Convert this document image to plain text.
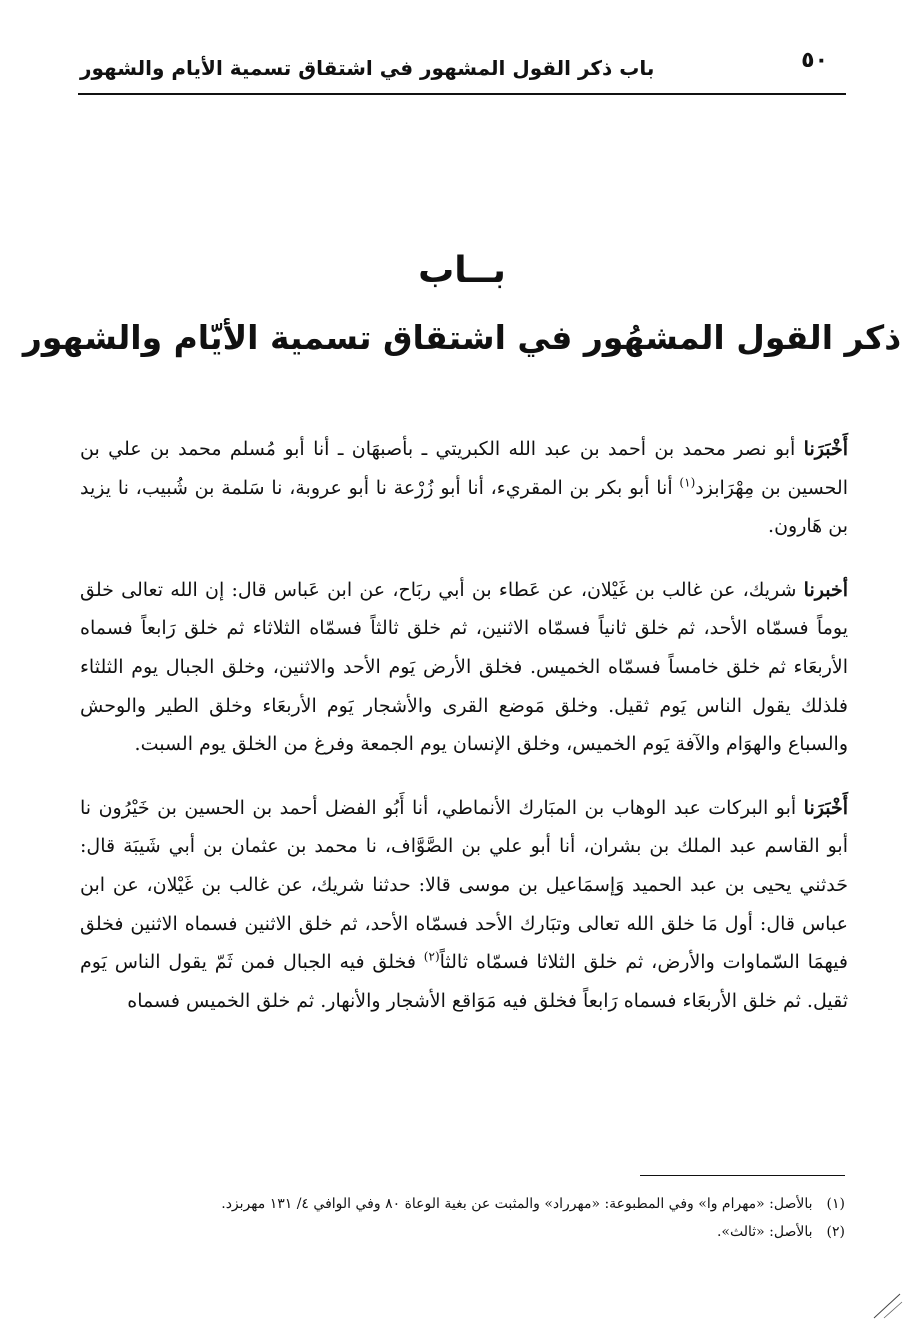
٥٠
باب ذكر القول المشهور في اشتقاق تسمية الأيام والشهور
بــاب
ذكر القول المشهُور في اشتقاق تسمية الأيّام والشهور

أَخْبَرَنا أبو نصر محمد بن أحمد بن عبد الله الكبريتي ـ بأصبهَان ـ أنا أبو مُسلم محمد بن علي بن الحسين بن مِهْرَابزد$^{(١)}$ أنا أبو بكر بن المقريء، أنا أبو زُرْعة نا أبو عروبة، نا سَلمة بن شُبيب، نا يزيد بن هَارون.

أخبرنا شريك، عن غالب بن غَيْلان، عن عَطاء بن أبي ربَاح، عن ابن عَباس قال: إن الله تعالى خلق يوماً فسمّاه الأحد، ثم خلق ثانياً فسمّاه الاثنين، ثم خلق ثالثاً فسمّاه الثلاثاء ثم خلق رَابعاً فسماه الأربعَاء ثم خلق خامساً فسمّاه الخميس. فخلق الأرض يَوم الأحد والاثنين، وخلق الجبال يوم الثلثاء فلذلك يقول الناس يَوم ثقيل. وخلق مَوضع القرى والأشجار يَوم الأربعَاء وخلق الطير والوحش والسباع والهوَام والآفة يَوم الخميس، وخلق الإنسان يوم الجمعة وفرغ من الخلق يوم السبت.

أَخْبَرَنا أبو البركات عبد الوهاب بن المبَارك الأنماطي، أنا أَبُو الفضل أحمد بن الحسين بن خَيْرُون نا أبو القاسم عبد الملك بن بشران، أنا أبو علي بن الصَّوَّاف، نا محمد بن عثمان بن أبي شَيبَة قال: حَدثني يحيى بن عبد الحميد وَإسمَاعيل بن موسى قالا: حدثنا شريك، عن غالب بن غَيْلان، عن ابن عباس قال: أول مَا خلق الله تعالى وتبَارك الأحد فسمّاه الأحد، ثم خلق الاثنين فسماه الاثنين فخلق فيهمَا السّماوات والأرض، ثم خلق الثلاثا فسمّاه ثالثاً$^{(٢)}$ فخلق فيه الجبال فمن ثَمّ يقول الناس يَوم ثقيل. ثم خلق الأربعَاء فسماه رَابعاً فخلق فيه مَوَاقع الأشجار والأنهار. ثم خلق الخميس فسماه

(١)بالأصل: «مهرام وا» وفي المطبوعة: «مهرراد» والمثبت عن بغية الوعاة ٨٠ وفي الوافي ٤/ ١٣١ مهربزد.
(٢)بالأصل: «ثالث».
